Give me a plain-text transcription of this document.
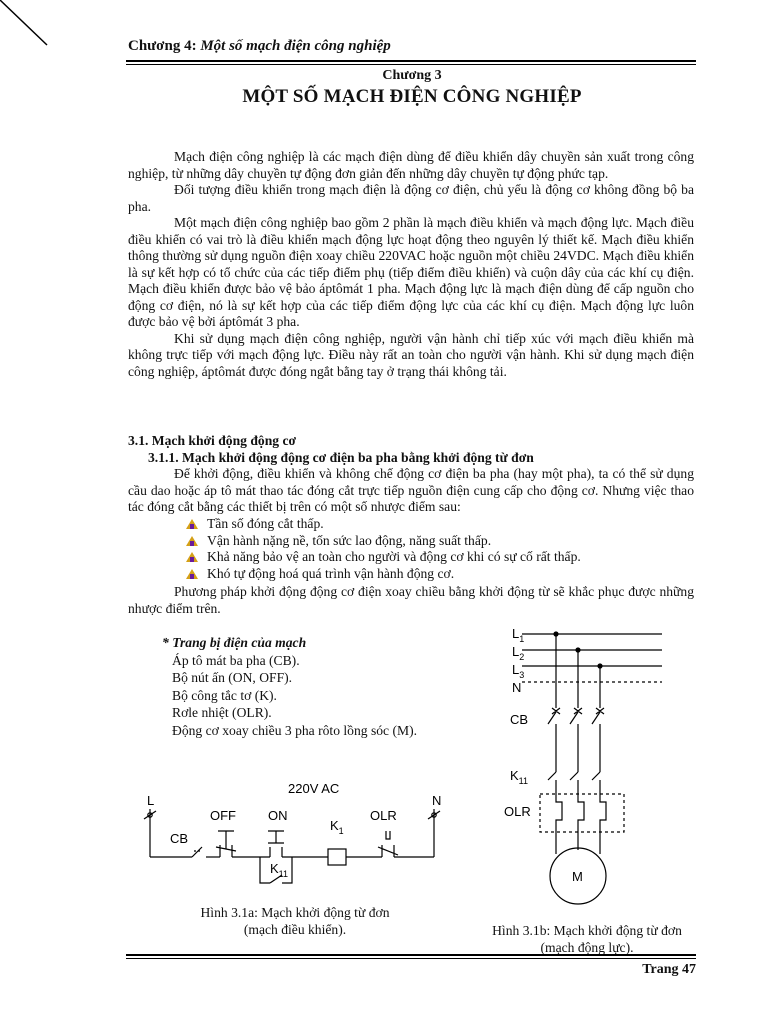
Chương 4: Một số mạch điện công nghiệp
Chương 3
MỘT SỐ MẠCH ĐIỆN CÔNG NGHIỆP

Mạch điện công nghiệp là các mạch điện dùng để điều khiển dây chuyền sản xuất trong công nghiệp, từ những dây chuyền tự động đơn giản đến những dây chuyền tự động phức tạp.

Đối tượng điều khiển trong mạch điện là động cơ điện, chủ yếu là động cơ không đồng bộ ba pha.

Một mạch điện công nghiệp bao gồm 2 phần là mạch điều khiển và mạch động lực. Mạch điều điều khiển có vai trò là điều khiển mạch động lực hoạt động theo nguyên lý thiết kế. Mạch điều khiển thông thường sử dụng nguồn điện xoay chiều 220VAC hoặc nguồn một chiều 24VDC. Mạch điều khiển là sự kết hợp có tổ chức của các tiếp điểm phụ (tiếp điểm điều khiển) và cuộn dây của các khí cụ điện. Mạch điều khiển được bảo vệ bảo áptômát 1 pha. Mạch động lực là mạch điện dùng để cấp nguồn cho động cơ điện, nó là sự kết hợp của các tiếp điểm động lực của các khí cụ điện. Mạch động lực luôn được bảo vệ bởi áptômát 3 pha.

Khi sử dụng mạch điện công nghiệp, người vận hành chỉ tiếp xúc với mạch điều khiển mà không trực tiếp với mạch động lực. Điều này rất an toàn cho người vận hành. Khi sử dụng mạch điện công nghiệp, áptômát được đóng ngắt bằng tay ở trạng thái không tải.

3.1. Mạch khởi động động cơ
3.1.1. Mạch khởi động động cơ điện ba pha bằng khởi động từ đơn

Để khởi động, điều khiển và không chế động cơ điện ba pha (hay một pha), ta có thể sử dụng cầu dao hoặc áp tô mát thao tác đóng cắt trực tiếp nguồn điện cung cấp cho động cơ. Nhưng việc thao tác đóng cắt bằng các thiết bị trên có một số nhược điểm sau:

Tần số đóng cắt thấp.
Vận hành nặng nề, tốn sức lao động, năng suất thấp.
Khả năng bảo vệ an toàn cho người và động cơ khi có sự cố rất thấp.
Khó tự động hoá quá trình vận hành động cơ.

Phương pháp khởi động động cơ điện xoay chiều bằng khởi động từ sẽ khắc phục được những nhược điểm trên.

* Trang bị điện của mạch
Áp tô mát ba pha (CB).
Bộ nút ấn (ON, OFF).
Bộ công tắc tơ (K).
Rơle nhiệt (OLR).
Động cơ xoay chiều 3 pha rôto lồng sóc (M).
220V AC
L	N
CB
OFF ON
$K_{11}$
$K_1$
OLR
Hình 3.1a: Mạch khởi động từ đơn
(mạch điều khiển).
$L_1$
$L_2$
$L_3$
N
CB
$K_{11}$
OLR
M
Hình 3.1b: Mạch khởi động từ đơn
(mạch động lực).
Trang 47
